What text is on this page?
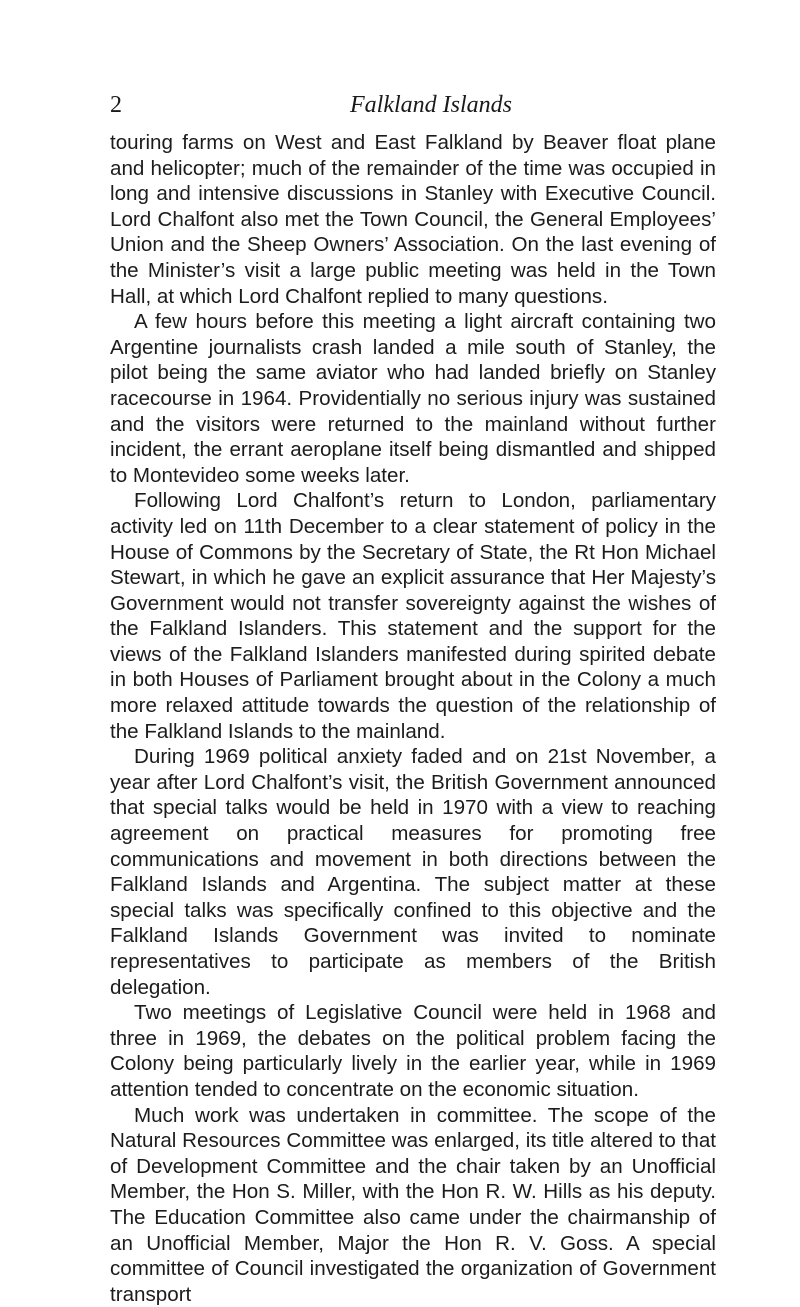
2	Falkland Islands

touring farms on West and East Falkland by Beaver float plane and helicopter; much of the remainder of the time was occupied in long and intensive discussions in Stanley with Executive Council. Lord Chalfont also met the Town Council, the General Employees’ Union and the Sheep Owners’ Association. On the last evening of the Minister’s visit a large public meeting was held in the Town Hall, at which Lord Chalfont replied to many questions.

A few hours before this meeting a light aircraft containing two Argentine journalists crash landed a mile south of Stanley, the pilot being the same aviator who had landed briefly on Stanley racecourse in 1964. Providentially no serious injury was sustained and the visitors were returned to the mainland without further incident, the errant aeroplane itself being dismantled and shipped to Montevideo some weeks later.

Following Lord Chalfont’s return to London, parliamentary activity led on 11th December to a clear statement of policy in the House of Commons by the Secretary of State, the Rt Hon Michael Stewart, in which he gave an explicit assurance that Her Majesty’s Government would not transfer sovereignty against the wishes of the Falkland Islanders. This statement and the support for the views of the Falkland Islanders manifested during spirited debate in both Houses of Parliament brought about in the Colony a much more relaxed attitude towards the question of the relationship of the Falkland Islands to the mainland.

During 1969 political anxiety faded and on 21st November, a year after Lord Chalfont’s visit, the British Government announced that special talks would be held in 1970 with a view to reaching agreement on practical measures for promoting free communications and movement in both directions between the Falkland Islands and Argentina. The subject matter at these special talks was specifically confined to this objective and the Falkland Islands Government was invited to nominate representatives to participate as members of the British delegation.

Two meetings of Legislative Council were held in 1968 and three in 1969, the debates on the political problem facing the Colony being particularly lively in the earlier year, while in 1969 attention tended to concentrate on the economic situation.

Much work was undertaken in committee. The scope of the Natural Resources Committee was enlarged, its title altered to that of Development Committee and the chair taken by an Unofficial Member, the Hon S. Miller, with the Hon R. W. Hills as his deputy. The Education Committee also came under the chairmanship of an Unofficial Member, Major the Hon R. V. Goss. A special committee of Council investigated the organization of Government transport
